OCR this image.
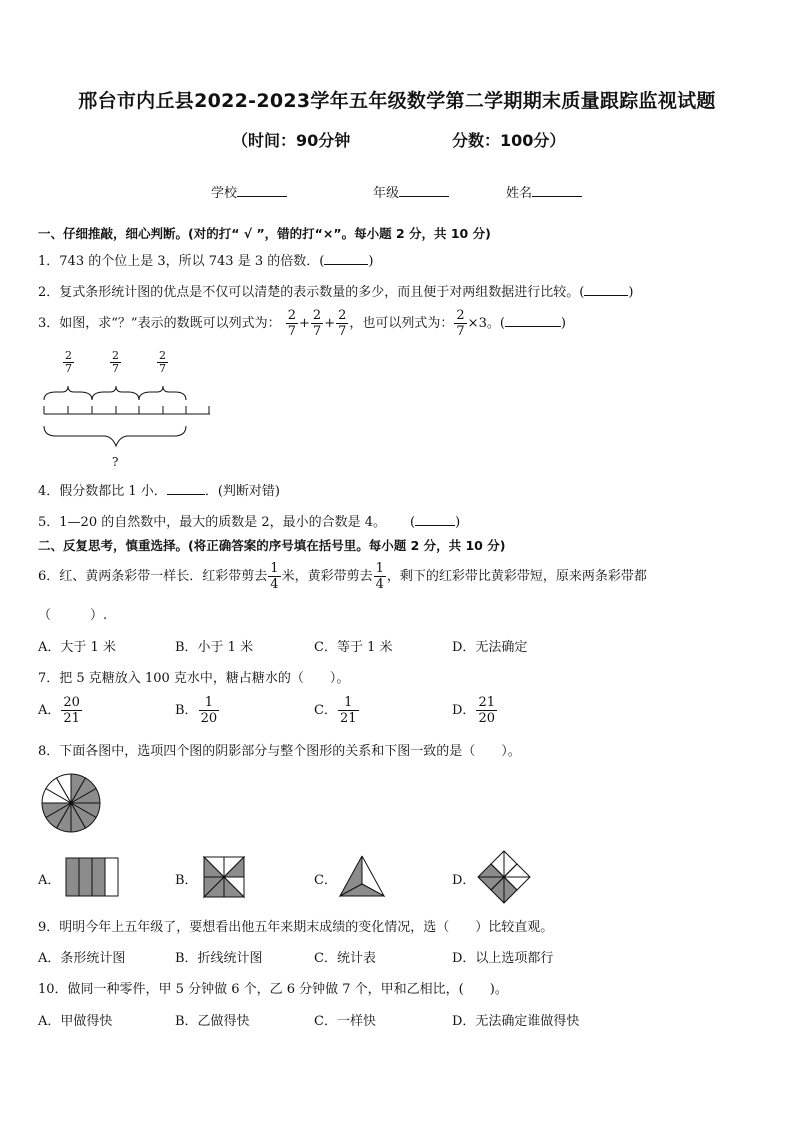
邢台市内丘县2022-2023学年五年级数学第二学期期末质量跟踪监视试题
（时间：90分钟	分数：100分）
学校	年级	姓名
一、仔细推敲，细心判断。(对的打“ √ ”，错的打“×”。每小题 2 分，共 10 分)
1．743 的个位上是 3，所以 743 是 3 的倍数．(	)
2．复式条形统计图的优点是不仅可以清楚的表示数量的多少，而且便于对两组数据进行比较。(	)
3．如图，求“？”表示的数既可以列式为： $\frac{2}{7} + \frac{2}{7} + \frac{2}{7}$ ，也可以列式为： $\frac{2}{7} \times 3$。(	)
$\frac{2}{7}$	$\frac{2}{7}$	$\frac{2}{7}$
?
4．假分数都比 1 小．	．(判断对错)
5．1—20 的自然数中，最大的质数是 2，最小的合数是 4。 (	)
二、反复思考，慎重选择。(将正确答案的序号填在括号里。每小题 2 分，共 10 分)
6．红、黄两条彩带一样长．红彩带剪去 $\frac{1}{4}$ 米，黄彩带剪去 $\frac{1}{4}$ ，剩下的红彩带比黄彩带短，原来两条彩带都
（　　　）.
A．大于 1 米	B．小于 1 米	C．等于 1 米	D．无法确定
7．把 5 克糖放入 100 克水中，糖占糖水的（　　）。
A． $\frac{20}{21}$	B． $\frac{1}{20}$	C． $\frac{1}{21}$	D． $\frac{21}{20}$
8．下面各图中，选项四个图的阴影部分与整个图形的关系和下图一致的是（　　）。
A．	B．	C．	D．
9．明明今年上五年级了，要想看出他五年来期末成绩的变化情况，选（　　）比较直观。
A．条形统计图	B．折线统计图	C．统计表	D．以上选项都行
10．做同一种零件，甲 5 分钟做 6 个，乙 6 分钟做 7 个，甲和乙相比，(　　)。
A．甲做得快	B．乙做得快	C．一样快	D．无法确定谁做得快
